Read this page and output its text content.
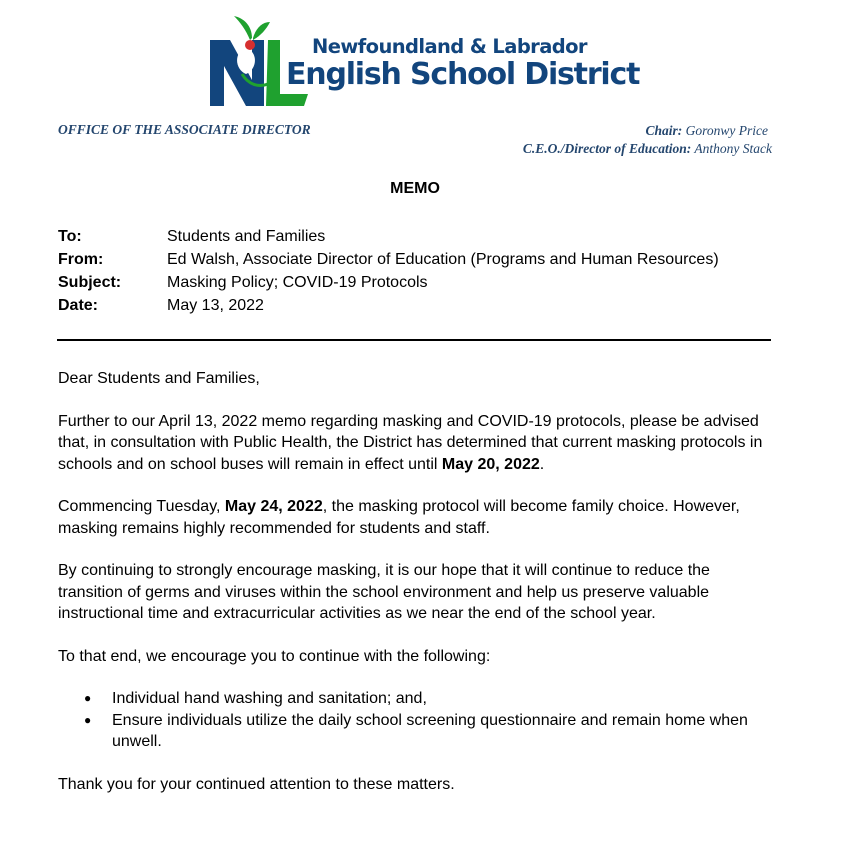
Newfoundland & Labrador
English School District
OFFICE OF THE ASSOCIATE DIRECTOR	Chair: Goronwy Price
C.E.O./Director of Education: Anthony Stack
MEMO
To:	Students and Families
From:	Ed Walsh, Associate Director of Education (Programs and Human Resources)
Subject:	Masking Policy; COVID-19 Protocols
Date:	May 13, 2022

Dear Students and Families,

Further to our April 13, 2022 memo regarding masking and COVID-19 protocols, please be advised that, in consultation with Public Health, the District has determined that current masking protocols in schools and on school buses will remain in effect until May 20, 2022.

Commencing Tuesday, May 24, 2022, the masking protocol will become family choice. However, masking remains highly recommended for students and staff.

By continuing to strongly encourage masking, it is our hope that it will continue to reduce the transition of germs and viruses within the school environment and help us preserve valuable instructional time and extracurricular activities as we near the end of the school year.

To that end, we encourage you to continue with the following:

● Individual hand washing and sanitation; and,
● Ensure individuals utilize the daily school screening questionnaire and remain home when unwell.

Thank you for your continued attention to these matters.
